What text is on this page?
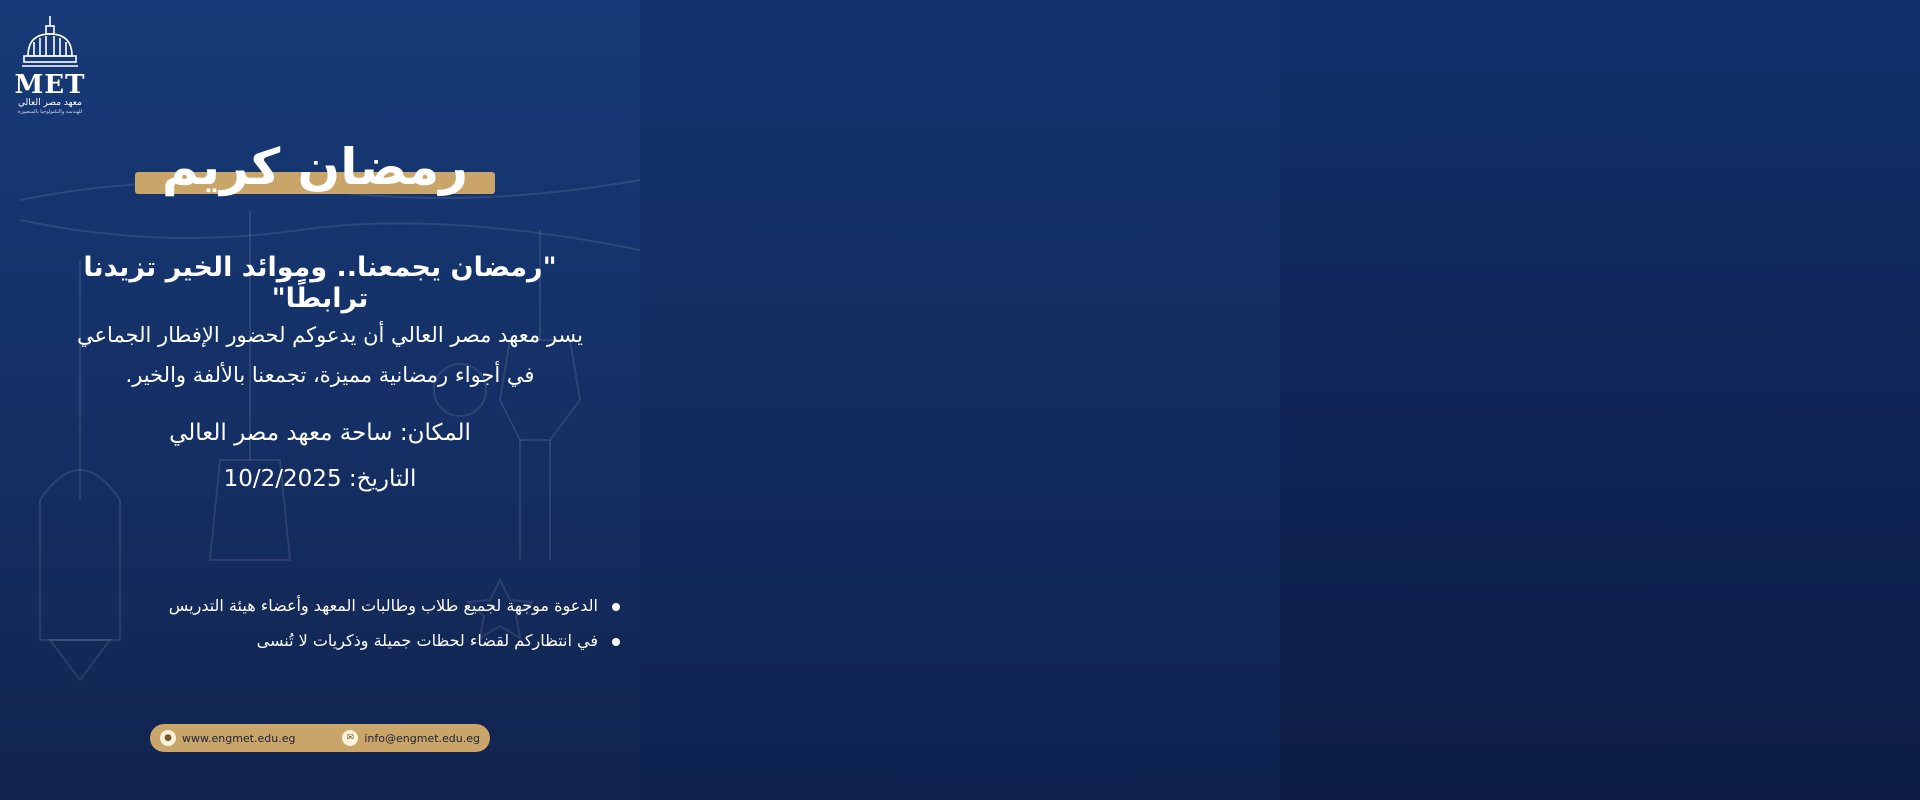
MET
معهد مصر العالي
للهندسة والتكنولوجيا بالمنصورة
رمضان كريم
"رمضان يجمعنا.. وموائد الخير تزيدنا ترابطًا"
يسر معهد مصر العالي أن يدعوكم لحضور الإفطار الجماعي
في أجواء رمضانية مميزة، تجمعنا بالألفة والخير.
المكان: ساحة معهد مصر العالي
التاريخ: 10/2/2025
الدعوة موجهة لجميع طلاب وطالبات المعهد وأعضاء هيئة التدريس
في انتظاركم لقضاء لحظات جميلة وذكريات لا تُنسى
● www.engmet.edu.eg	✉ info@engmet.edu.eg
